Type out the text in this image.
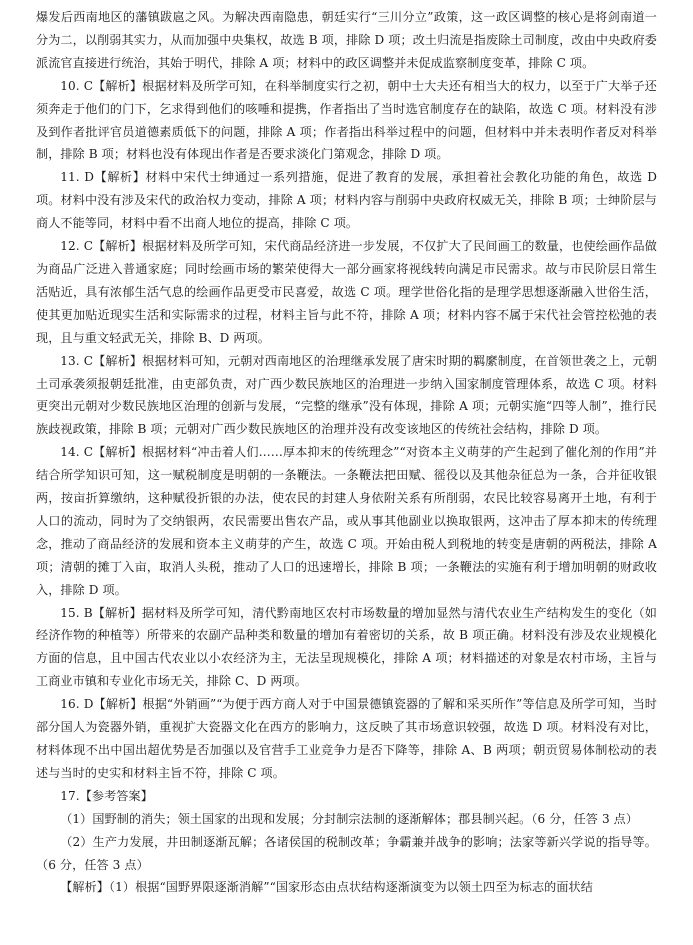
爆发后西南地区的藩镇跋扈之风。为解决西南隐患，朝廷实行“三川分立”政策，这一政区调整的核心是将剑南道一分为二，以削弱其实力，从而加强中央集权，故选 B 项，排除 D 项；改土归流是指废除土司制度，改由中央政府委派流官直接进行统治，其始于明代，排除 A 项；材料中的政区调整并未促成监察制度变革，排除 C 项。

10. C【解析】根据材料及所学可知，在科举制度实行之初，朝中士大夫还有相当大的权力，以至于广大举子还须奔走于他们的门下，乞求得到他们的咳唾和提携，作者指出了当时选官制度存在的缺陷，故选 C 项。材料没有涉及到作者批评官员道德素质低下的问题，排除 A 项；作者指出科举过程中的问题，但材料中并未表明作者反对科举制，排除 B 项；材料也没有体现出作者是否要求淡化门第观念，排除 D 项。

11. D【解析】材料中宋代士绅通过一系列措施，促进了教育的发展，承担着社会教化功能的角色，故选 D 项。材料中没有涉及宋代的政治权力变动，排除 A 项；材料内容与削弱中央政府权威无关，排除 B 项；士绅阶层与商人不能等同，材料中看不出商人地位的提高，排除 C 项。

12. C【解析】根据材料及所学可知，宋代商品经济进一步发展，不仅扩大了民间画工的数量，也使绘画作品做为商品广泛进入普通家庭；同时绘画市场的繁荣使得大一部分画家将视线转向满足市民需求。故与市民阶层日常生活贴近，具有浓郁生活气息的绘画作品更受市民喜爱，故选 C 项。理学世俗化指的是理学思想逐渐融入世俗生活，使其更加贴近现实生活和实际需求的过程，材料主旨与此不符，排除 A 项；材料内容不属于宋代社会管控松弛的表现，且与重文轻武无关，排除 B、D 两项。

13. C【解析】根据材料可知，元朝对西南地区的治理继承发展了唐宋时期的羁縻制度，在首领世袭之上，元朝土司承袭须报朝廷批准，由吏部负责，对广西少数民族地区的治理进一步纳入国家制度管理体系，故选 C 项。材料更突出元朝对少数民族地区治理的创新与发展，“完整的继承”没有体现，排除 A 项；元朝实施“四等人制”，推行民族歧视政策，排除 B 项；元朝对广西少数民族地区的治理并没有改变该地区的传统社会结构，排除 D 项。

14. C【解析】根据材料“冲击着人们……厚本抑末的传统理念”“对资本主义萌芽的产生起到了催化剂的作用”并结合所学知识可知，这一赋税制度是明朝的一条鞭法。一条鞭法把田赋、徭役以及其他杂征总为一条，合并征收银两，按亩折算缴纳，这种赋役折银的办法，使农民的封建人身依附关系有所削弱，农民比较容易离开土地，有利于人口的流动，同时为了交纳银两，农民需要出售农产品，或从事其他副业以换取银两，这冲击了厚本抑末的传统理念，推动了商品经济的发展和资本主义萌芽的产生，故选 C 项。开始由税人到税地的转变是唐朝的两税法，排除 A 项；清朝的摊丁入亩，取消人头税，推动了人口的迅速增长，排除 B 项；一条鞭法的实施有利于增加明朝的财政收入，排除 D 项。

15. B【解析】据材料及所学可知，清代黔南地区农村市场数量的增加显然与清代农业生产结构发生的变化（如经济作物的种植等）所带来的农副产品种类和数量的增加有着密切的关系，故 B 项正确。材料没有涉及农业规模化方面的信息，且中国古代农业以小农经济为主，无法呈现规模化，排除 A 项；材料描述的对象是农村市场，主旨与工商业市镇和专业化市场无关，排除 C、D 两项。

16. D【解析】根据“外销画”“为便于西方商人对于中国景德镇瓷器的了解和采买所作”等信息及所学可知，当时部分国人为瓷器外销，重视扩大瓷器文化在西方的影响力，这反映了其市场意识较强，故选 D 项。材料没有对比，材料体现不出中国出超优势是否加强以及官营手工业竞争力是否下降等，排除 A、B 两项；朝贡贸易体制松动的表述与当时的史实和材料主旨不符，排除 C 项。

17.【参考答案】

（1）国野制的消失；领土国家的出现和发展；分封制宗法制的逐渐解体；郡县制兴起。（6 分，任答 3 点）

（2）生产力发展，井田制逐渐瓦解；各诸侯国的税制改革；争霸兼并战争的影响；法家等新兴学说的指导等。（6 分，任答 3 点）

【解析】（1）根据“国野界限逐渐消解”“国家形态由点状结构逐渐演变为以领土四至为标志的面状结
